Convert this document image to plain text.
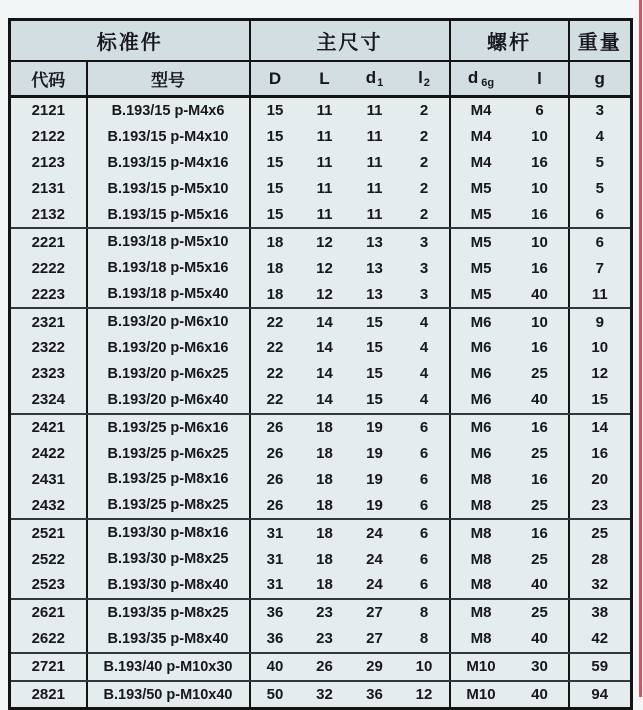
标准件		主尺寸				螺杆		重量
代码	型号	D	L	d1	l2	d 6g	l	g
2121	B.193/15 p-M4x6	15	11	11	2	M4	6	3
2122	B.193/15 p-M4x10	15	11	11	2	M4	10	4
2123	B.193/15 p-M4x16	15	11	11	2	M4	16	5
2131	B.193/15 p-M5x10	15	11	11	2	M5	10	5
2132	B.193/15 p-M5x16	15	11	11	2	M5	16	6
2221	B.193/18 p-M5x10	18	12	13	3	M5	10	6
2222	B.193/18 p-M5x16	18	12	13	3	M5	16	7
2223	B.193/18 p-M5x40	18	12	13	3	M5	40	11
2321	B.193/20 p-M6x10	22	14	15	4	M6	10	9
2322	B.193/20 p-M6x16	22	14	15	4	M6	16	10
2323	B.193/20 p-M6x25	22	14	15	4	M6	25	12
2324	B.193/20 p-M6x40	22	14	15	4	M6	40	15
2421	B.193/25 p-M6x16	26	18	19	6	M6	16	14
2422	B.193/25 p-M6x25	26	18	19	6	M6	25	16
2431	B.193/25 p-M8x16	26	18	19	6	M8	16	20
2432	B.193/25 p-M8x25	26	18	19	6	M8	25	23
2521	B.193/30 p-M8x16	31	18	24	6	M8	16	25
2522	B.193/30 p-M8x25	31	18	24	6	M8	25	28
2523	B.193/30 p-M8x40	31	18	24	6	M8	40	32
2621	B.193/35 p-M8x25	36	23	27	8	M8	25	38
2622	B.193/35 p-M8x40	36	23	27	8	M8	40	42
2721	B.193/40 p-M10x30	40	26	29	10	M10	30	59
2821	B.193/50 p-M10x40	50	32	36	12	M10	40	94
